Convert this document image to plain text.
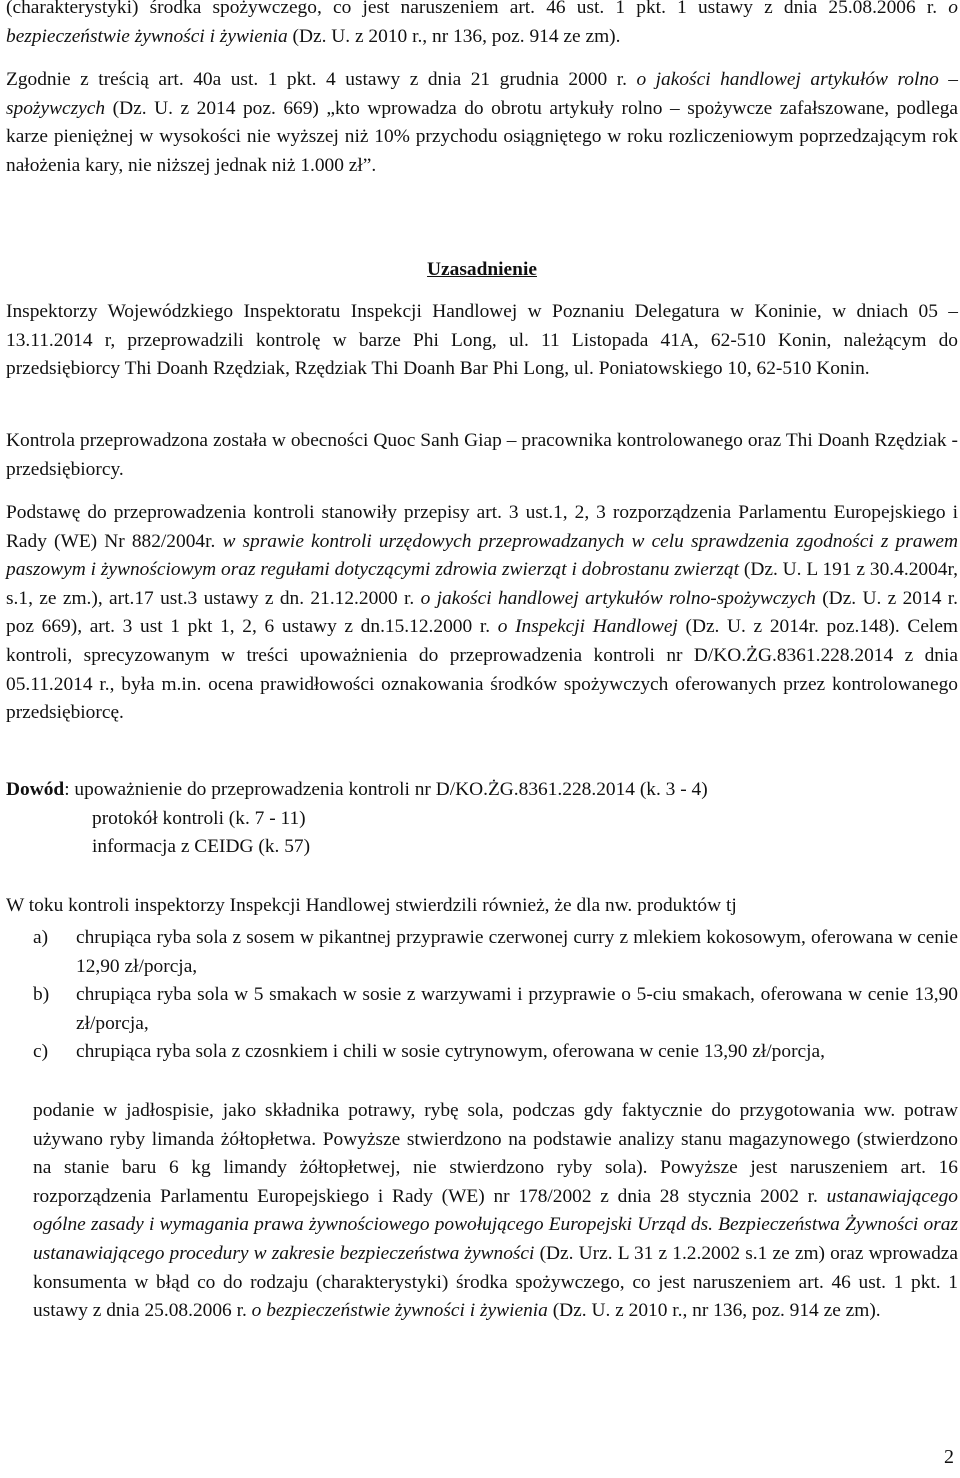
(charakterystyki) środka spożywczego, co jest naruszeniem art. 46 ust. 1 pkt. 1 ustawy z dnia 25.08.2006 r. o bezpieczeństwie żywności i żywienia (Dz. U. z 2010 r., nr 136, poz. 914 ze zm).

Zgodnie z treścią art. 40a ust. 1 pkt. 4 ustawy z dnia 21 grudnia 2000 r. o jakości handlowej artykułów rolno – spożywczych (Dz. U. z 2014 poz. 669) „kto wprowadza do obrotu artykuły rolno – spożywcze zafałszowane, podlega karze pieniężnej w wysokości nie wyższej niż 10% przychodu osiągniętego w roku rozliczeniowym poprzedzającym rok nałożenia kary, nie niższej jednak niż 1.000 zł”.

Uzasadnienie

Inspektorzy Wojewódzkiego Inspektoratu Inspekcji Handlowej w Poznaniu Delegatura w Koninie, w dniach 05 – 13.11.2014 r, przeprowadzili kontrolę w barze Phi Long, ul. 11 Listopada 41A, 62-510 Konin, należącym do przedsiębiorcy Thi Doanh Rzędziak, Rzędziak Thi Doanh Bar Phi Long, ul. Poniatowskiego 10, 62-510 Konin.

Kontrola przeprowadzona została w obecności Quoc Sanh Giap – pracownika kontrolowanego oraz Thi Doanh Rzędziak - przedsiębiorcy.

Podstawę do przeprowadzenia kontroli stanowiły przepisy art. 3 ust.1, 2, 3 rozporządzenia Parlamentu Europejskiego i Rady (WE) Nr 882/2004r. w sprawie kontroli urzędowych przeprowadzanych w celu sprawdzenia zgodności z prawem paszowym i żywnościowym oraz regułami dotyczącymi zdrowia zwierząt i dobrostanu zwierząt (Dz. U. L 191 z 30.4.2004r, s.1, ze zm.), art.17 ust.3 ustawy z dn. 21.12.2000 r. o jakości handlowej artykułów rolno-spożywczych (Dz. U. z 2014 r. poz 669), art. 3 ust 1 pkt 1, 2, 6 ustawy z dn.15.12.2000 r. o Inspekcji Handlowej (Dz. U. z 2014r. poz.148). Celem kontroli, sprecyzowanym w treści upoważnienia do przeprowadzenia kontroli nr D/KO.ŻG.8361.228.2014 z dnia 05.11.2014 r., była m.in. ocena prawidłowości oznakowania środków spożywczych oferowanych przez kontrolowanego przedsiębiorcę.

Dowód: upoważnienie do przeprowadzenia kontroli nr D/KO.ŻG.8361.228.2014 (k. 3 - 4)
protokół kontroli (k. 7 - 11)
informacja z CEIDG (k. 57)

W toku kontroli inspektorzy Inspekcji Handlowej stwierdzili również, że dla nw. produktów tj

a) chrupiąca ryba sola z sosem w pikantnej przyprawie czerwonej curry z mlekiem kokosowym, oferowana w cenie 12,90 zł/porcja,
b) chrupiąca ryba sola w 5 smakach w sosie z warzywami i przyprawie o 5-ciu smakach, oferowana w cenie 13,90 zł/porcja,
c) chrupiąca ryba sola z czosnkiem i chili w sosie cytrynowym, oferowana w cenie 13,90 zł/porcja,

podanie w jadłospisie, jako składnika potrawy, rybę sola, podczas gdy faktycznie do przygotowania ww. potraw używano ryby limanda żółtopłetwa. Powyższe stwierdzono na podstawie analizy stanu magazynowego (stwierdzono na stanie baru 6 kg limandy żółtopłetwej, nie stwierdzono ryby sola). Powyższe jest naruszeniem art. 16 rozporządzenia Parlamentu Europejskiego i Rady (WE) nr 178/2002 z dnia 28 stycznia 2002 r. ustanawiającego ogólne zasady i wymagania prawa żywnościowego powołującego Europejski Urząd ds. Bezpieczeństwa Żywności oraz ustanawiającego procedury w zakresie bezpieczeństwa żywności (Dz. Urz. L 31 z 1.2.2002 s.1 ze zm) oraz wprowadza konsumenta w błąd co do rodzaju (charakterystyki) środka spożywczego, co jest naruszeniem art. 46 ust. 1 pkt. 1 ustawy z dnia 25.08.2006 r. o bezpieczeństwie żywności i żywienia (Dz. U. z 2010 r., nr 136, poz. 914 ze zm).

2
